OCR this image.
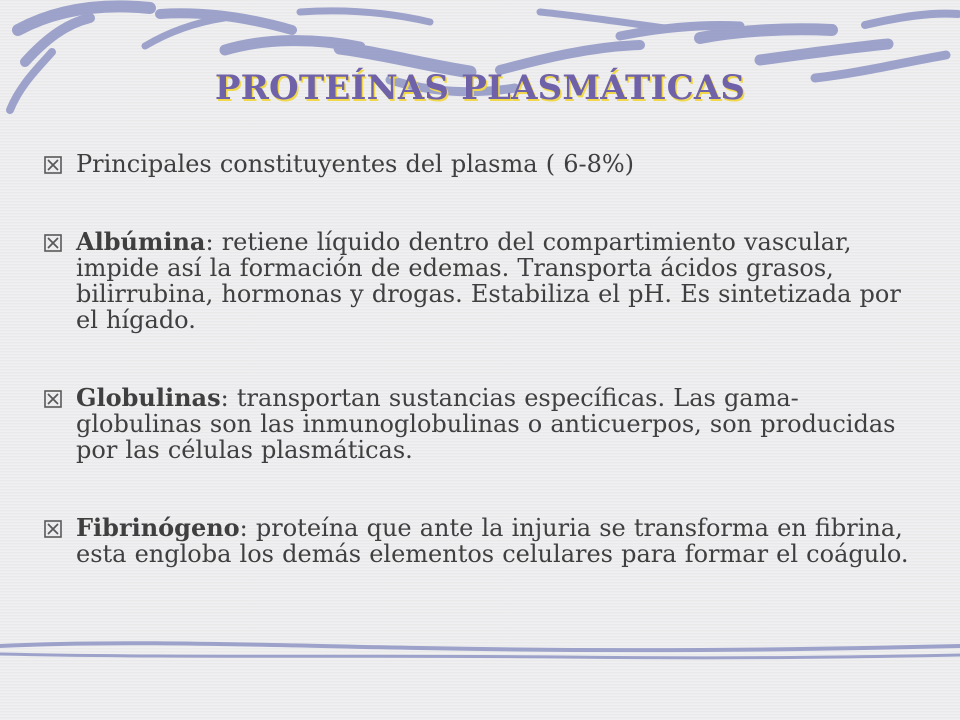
PROTEÍNAS PLASMÁTICAS
Principales constituyentes del plasma ( 6-8%)
Albúmina: retiene líquido dentro del compartimiento vascular, impide así la formación de edemas. Transporta ácidos grasos, bilirrubina, hormonas y drogas. Estabiliza el pH. Es sintetizada por el hígado.
Globulinas: transportan sustancias específicas. Las gama-globulinas son las inmunoglobulinas o anticuerpos, son producidas por las células plasmáticas.
Fibrinógeno: proteína que ante la injuria se transforma en fibrina, esta engloba los demás elementos celulares para formar el coágulo.
